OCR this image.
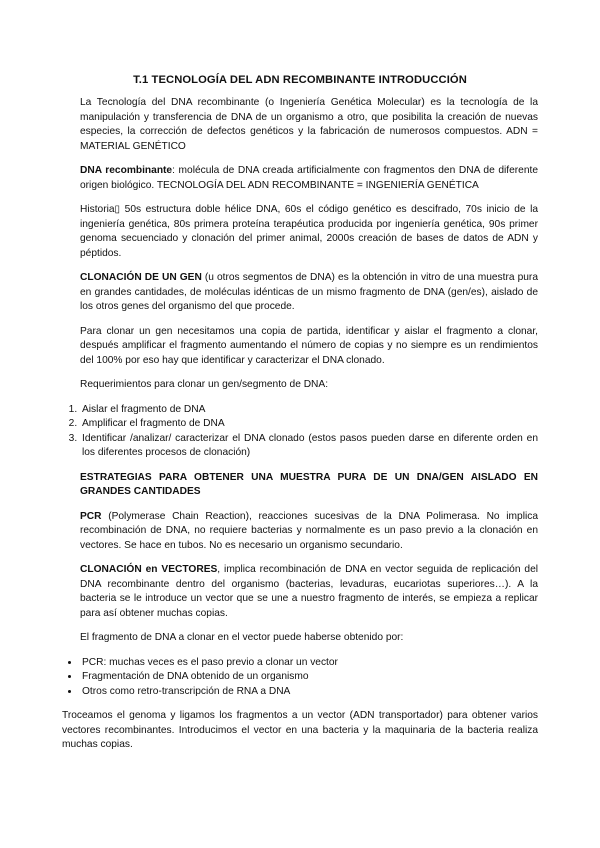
T.1 TECNOLOGÍA DEL ADN RECOMBINANTE INTRODUCCIÓN

La Tecnología del DNA recombinante (o Ingeniería Genética Molecular) es la tecnología de la manipulación y transferencia de DNA de un organismo a otro, que posibilita la creación de nuevas especies, la corrección de defectos genéticos y la fabricación de numerosos compuestos. ADN = MATERIAL GENÉTICO

DNA recombinante: molécula de DNA creada artificialmente con fragmentos den DNA de diferente origen biológico. TECNOLOGÍA DEL ADN RECOMBINANTE = INGENIERÍA GENÉTICA

Historia▯ 50s estructura doble hélice DNA, 60s el código genético es descifrado, 70s inicio de la ingeniería genética, 80s primera proteína terapéutica producida por ingeniería genética, 90s primer genoma secuenciado y clonación del primer animal, 2000s creación de bases de datos de ADN y péptidos.

CLONACIÓN DE UN GEN (u otros segmentos de DNA) es la obtención in vitro de una muestra pura en grandes cantidades, de moléculas idénticas de un mismo fragmento de DNA (gen/es), aislado de los otros genes del organismo del que procede.

Para clonar un gen necesitamos una copia de partida, identificar y aislar el fragmento a clonar, después amplificar el fragmento aumentando el número de copias y no siempre es un rendimientos del 100% por eso hay que identificar y caracterizar el DNA clonado.

Requerimientos para clonar un gen/segmento de DNA:

1. Aislar el fragmento de DNA
2. Amplificar el fragmento de DNA
3. Identificar /analizar/ caracterizar el DNA clonado (estos pasos pueden darse en diferente orden en los diferentes procesos de clonación)

ESTRATEGIAS PARA OBTENER UNA MUESTRA PURA DE UN DNA/GEN AISLADO EN GRANDES CANTIDADES

PCR (Polymerase Chain Reaction), reacciones sucesivas de la DNA Polimerasa. No implica recombinación de DNA, no requiere bacterias y normalmente es un paso previo a la clonación en vectores. Se hace en tubos. No es necesario un organismo secundario.

CLONACIÓN en VECTORES, implica recombinación de DNA en vector seguida de replicación del DNA recombinante dentro del organismo (bacterias, levaduras, eucariotas superiores…). A la bacteria se le introduce un vector que se une a nuestro fragmento de interés, se empieza a replicar para así obtener muchas copias.

El fragmento de DNA a clonar en el vector puede haberse obtenido por:

• PCR: muchas veces es el paso previo a clonar un vector
• Fragmentación de DNA obtenido de un organismo
• Otros como retro-transcripción de RNA a DNA

Troceamos el genoma y ligamos los fragmentos a un vector (ADN transportador) para obtener varios vectores recombinantes. Introducimos el vector en una bacteria y la maquinaria de la bacteria realiza muchas copias.
